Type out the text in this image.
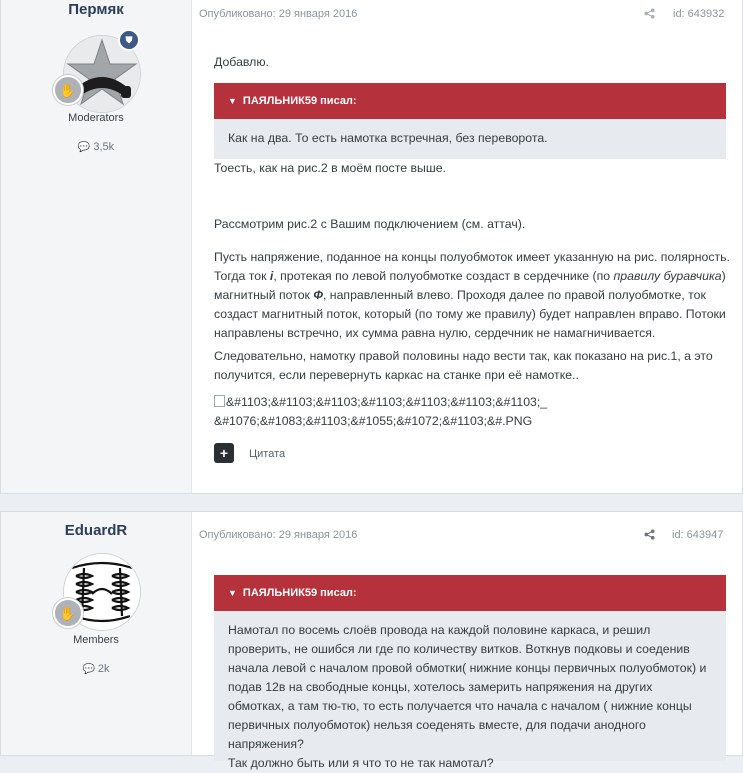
Пермяк
✋
⛊
Moderators
💬 3,5k
Опубликовано: 29 января 2016	id: 643932
Добавлю.
▼ ПАЯЛЬНИК59 писал:
Как на два. То есть намотка встречная, без переворота.
Тоесть, как на рис.2 в моём посте выше.
Рассмотрим рис.2 с Вашим подключением (см. аттач).
Пусть напряжение, поданное на концы полуобмоток имеет указанную на рис. полярность. Тогда ток i, протекая по левой полуобмотке создаст в сердечнике (по правилу буравчика) магнитный поток Ф, направленный влево. Проходя далее по правой полуобмотке, ток создаст магнитный поток, который (по тому же правилу) будет направлен вправо. Потоки направлены встречно, их сумма равна нулю, сердечник не намагничивается.
Следовательно, намотку правой половины надо вести так, как показано на рис.1, а это получится, если перевернуть каркас на станке при её намотке..
&#1103;&#1103;&#1103;&#1103;&#1103;&#1103;&#1103;_ &#1076;&#1083;&#1103;&#1055;&#1072;&#1103;&#.PNG
+	Цитата
EduardR
✋
Members
💬 2k
Опубликовано: 29 января 2016	id: 643947
▼ ПАЯЛЬНИК59 писал:
Намотал по восемь слоёв провода на каждой половине каркаса, и решил проверить, не ошибся ли где по количеству витков. Воткнув подковы и соеденив начала левой с началом провой обмотки( нижние концы первичных полуобмоток) и подав 12в на свободные концы, хотелось замерить напряжения на других обмотках, а там тю-тю, то есть получается что начала с началом ( нижние концы первичных полуобмоток) нельзя соеденять вместе, для подачи анодного напряжения?
Так должно быть или я что то не так намотал?
